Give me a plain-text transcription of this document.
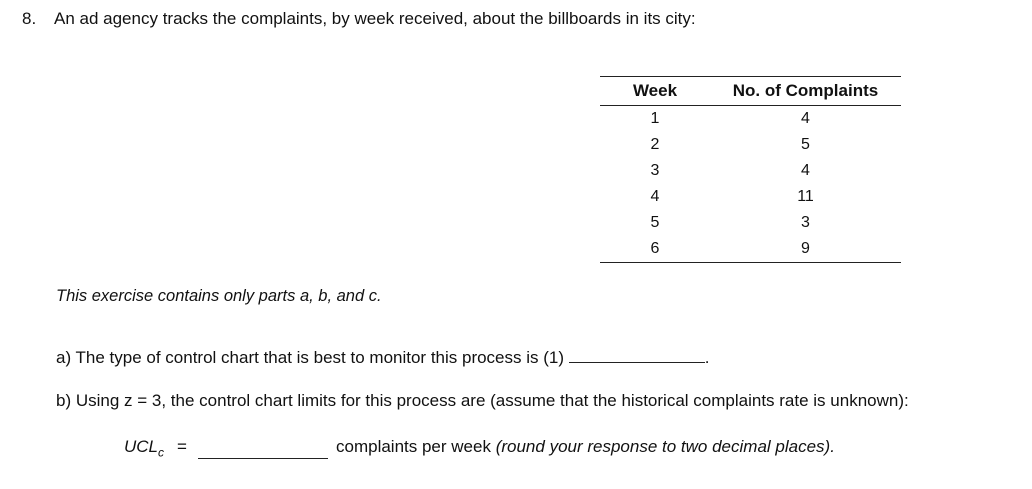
8. An ad agency tracks the complaints, by week received, about the billboards in its city:
Week	No. of Complaints
1	4
2	5
3	4
4	11
5	3
6	9
This exercise contains only parts a, b, and c.
a) The type of control chart that is best to monitor this process is (1)	.
b) Using z = 3, the control chart limits for this process are (assume that the historical complaints rate is unknown):
$UCL_c$ =	complaints per week (round your response to two decimal places).
